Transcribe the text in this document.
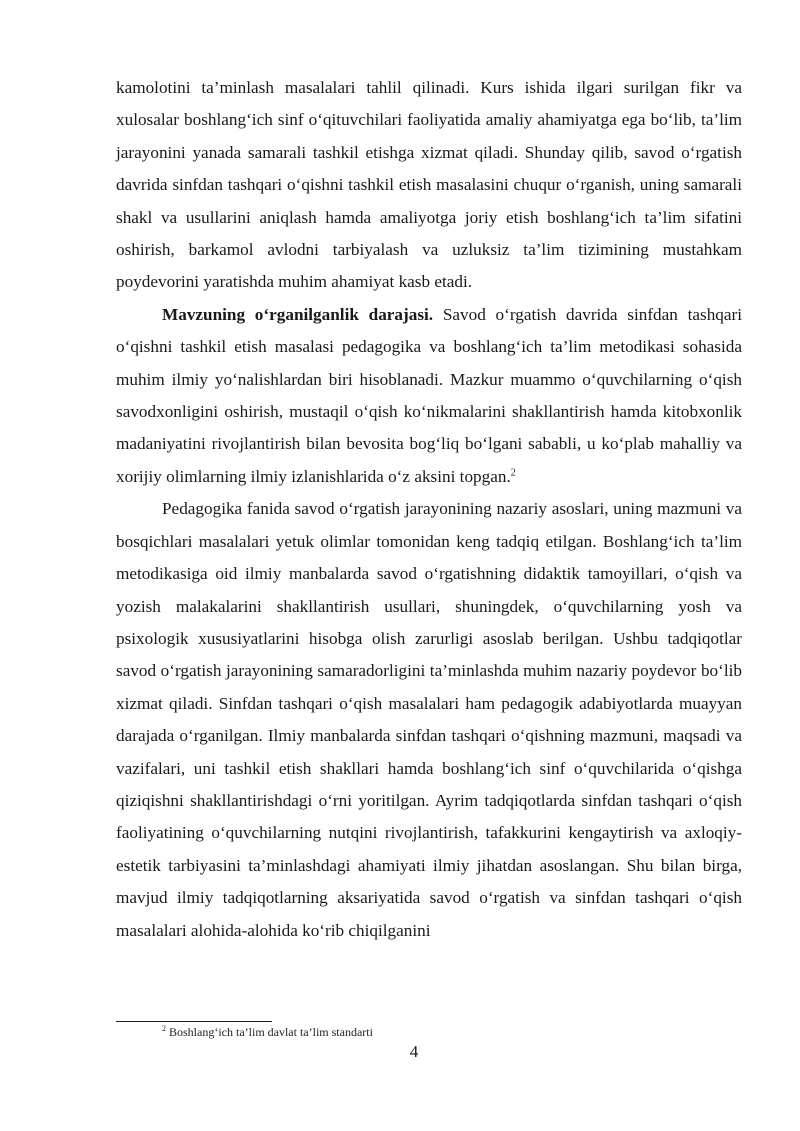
kamolotini ta’minlash masalalari tahlil qilinadi. Kurs ishida ilgari surilgan fikr va xulosalar boshlang‘ich sinf o‘qituvchilari faoliyatida amaliy ahamiyatga ega bo‘lib, ta’lim jarayonini yanada samarali tashkil etishga xizmat qiladi. Shunday qilib, savod o‘rgatish davrida sinfdan tashqari o‘qishni tashkil etish masalasini chuqur o‘rganish, uning samarali shakl va usullarini aniqlash hamda amaliyotga joriy etish boshlang‘ich ta’lim sifatini oshirish, barkamol avlodni tarbiyalash va uzluksiz ta’lim tizimining mustahkam poydevorini yaratishda muhim ahamiyat kasb etadi.

Mavzuning o‘rganilganlik darajasi. Savod o‘rgatish davrida sinfdan tashqari o‘qishni tashkil etish masalasi pedagogika va boshlang‘ich ta’lim metodikasi sohasida muhim ilmiy yo‘nalishlardan biri hisoblanadi. Mazkur muammo o‘quvchilarning o‘qish savodxonligini oshirish, mustaqil o‘qish ko‘nikmalarini shakllantirish hamda kitobxonlik madaniyatini rivojlantirish bilan bevosita bog‘liq bo‘lgani sababli, u ko‘plab mahalliy va xorijiy olimlarning ilmiy izlanishlarida o‘z aksini topgan.$^2$

Pedagogika fanida savod o‘rgatish jarayonining nazariy asoslari, uning mazmuni va bosqichlari masalalari yetuk olimlar tomonidan keng tadqiq etilgan. Boshlang‘ich ta’lim metodikasiga oid ilmiy manbalarda savod o‘rgatishning didaktik tamoyillari, o‘qish va yozish malakalarini shakllantirish usullari, shuningdek, o‘quvchilarning yosh va psixologik xususiyatlarini hisobga olish zarurligi asoslab berilgan. Ushbu tadqiqotlar savod o‘rgatish jarayonining samaradorligini ta’minlashda muhim nazariy poydevor bo‘lib xizmat qiladi. Sinfdan tashqari o‘qish masalalari ham pedagogik adabiyotlarda muayyan darajada o‘rganilgan. Ilmiy manbalarda sinfdan tashqari o‘qishning mazmuni, maqsadi va vazifalari, uni tashkil etish shakllari hamda boshlang‘ich sinf o‘quvchilarida o‘qishga qiziqishni shakllantirishdagi o‘rni yoritilgan. Ayrim tadqiqotlarda sinfdan tashqari o‘qish faoliyatining o‘quvchilarning nutqini rivojlantirish, tafakkurini kengaytirish va axloqiy-estetik tarbiyasini ta’minlashdagi ahamiyati ilmiy jihatdan asoslangan. Shu bilan birga, mavjud ilmiy tadqiqotlarning aksariyatida savod o‘rgatish va sinfdan tashqari o‘qish masalalari alohida-alohida ko‘rib chiqilganini

$^2$ Boshlang‘ich ta’lim davlat ta’lim standarti
4
